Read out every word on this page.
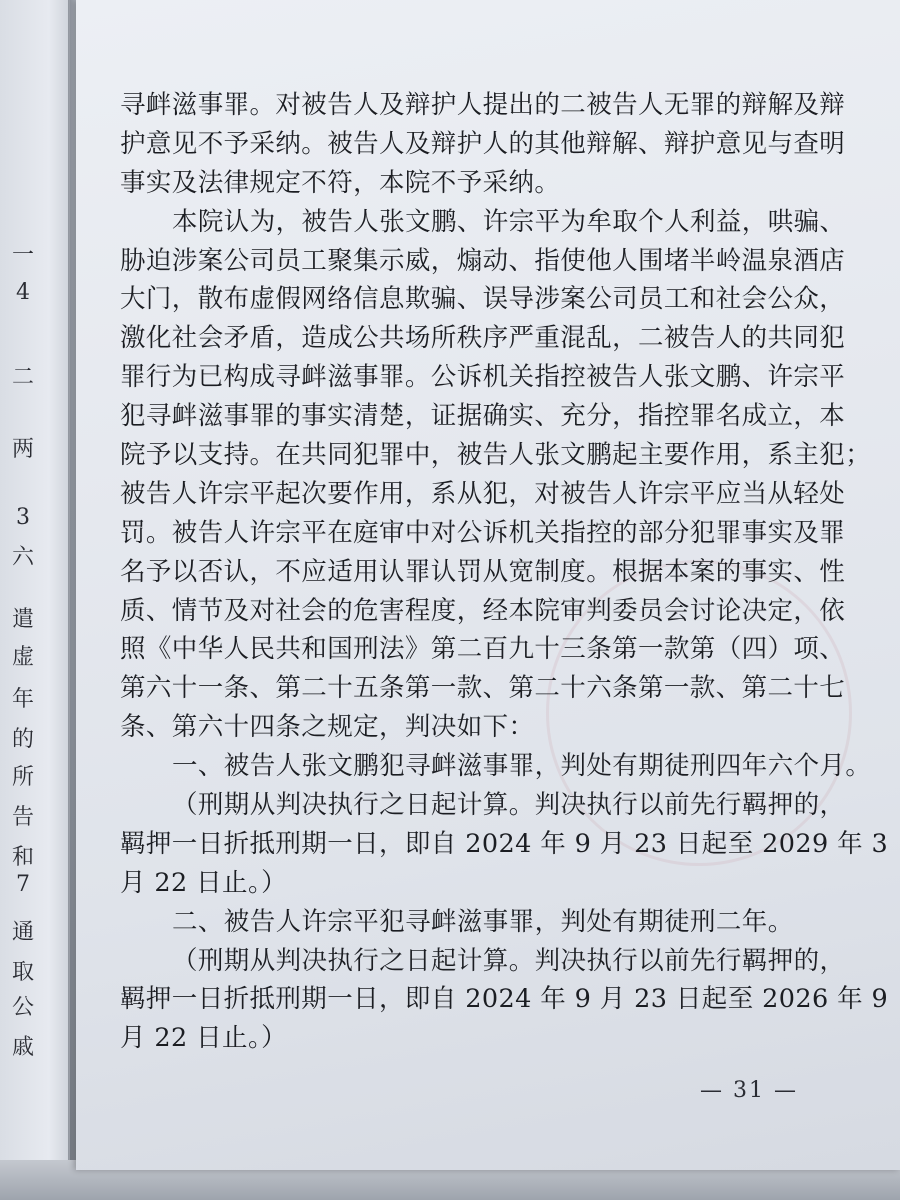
一
4
二
两
3
六
遣
虚
年
的
所
告
和
7
通
取
公
戚
寻衅滋事罪。对被告人及辩护人提出的二被告人无罪的辩解及辩
护意见不予采纳。被告人及辩护人的其他辩解、辩护意见与查明
事实及法律规定不符，本院不予采纳。
本院认为，被告人张文鹏、许宗平为牟取个人利益，哄骗、
胁迫涉案公司员工聚集示威，煽动、指使他人围堵半岭温泉酒店
大门，散布虚假网络信息欺骗、误导涉案公司员工和社会公众，
激化社会矛盾，造成公共场所秩序严重混乱，二被告人的共同犯
罪行为已构成寻衅滋事罪。公诉机关指控被告人张文鹏、许宗平
犯寻衅滋事罪的事实清楚，证据确实、充分，指控罪名成立，本
院予以支持。在共同犯罪中，被告人张文鹏起主要作用，系主犯；
被告人许宗平起次要作用，系从犯，对被告人许宗平应当从轻处
罚。被告人许宗平在庭审中对公诉机关指控的部分犯罪事实及罪
名予以否认，不应适用认罪认罚从宽制度。根据本案的事实、性
质、情节及对社会的危害程度，经本院审判委员会讨论决定，依
照《中华人民共和国刑法》第二百九十三条第一款第（四）项、
第六十一条、第二十五条第一款、第二十六条第一款、第二十七
条、第六十四条之规定，判决如下：
一、被告人张文鹏犯寻衅滋事罪，判处有期徒刑四年六个月。
（刑期从判决执行之日起计算。判决执行以前先行羁押的，
羁押一日折抵刑期一日，即自 2024 年 9 月 23 日起至 2029 年 3
月 22 日止。）
二、被告人许宗平犯寻衅滋事罪，判处有期徒刑二年。
（刑期从判决执行之日起计算。判决执行以前先行羁押的，
羁押一日折抵刑期一日，即自 2024 年 9 月 23 日起至 2026 年 9
月 22 日止。）
— 31 —
